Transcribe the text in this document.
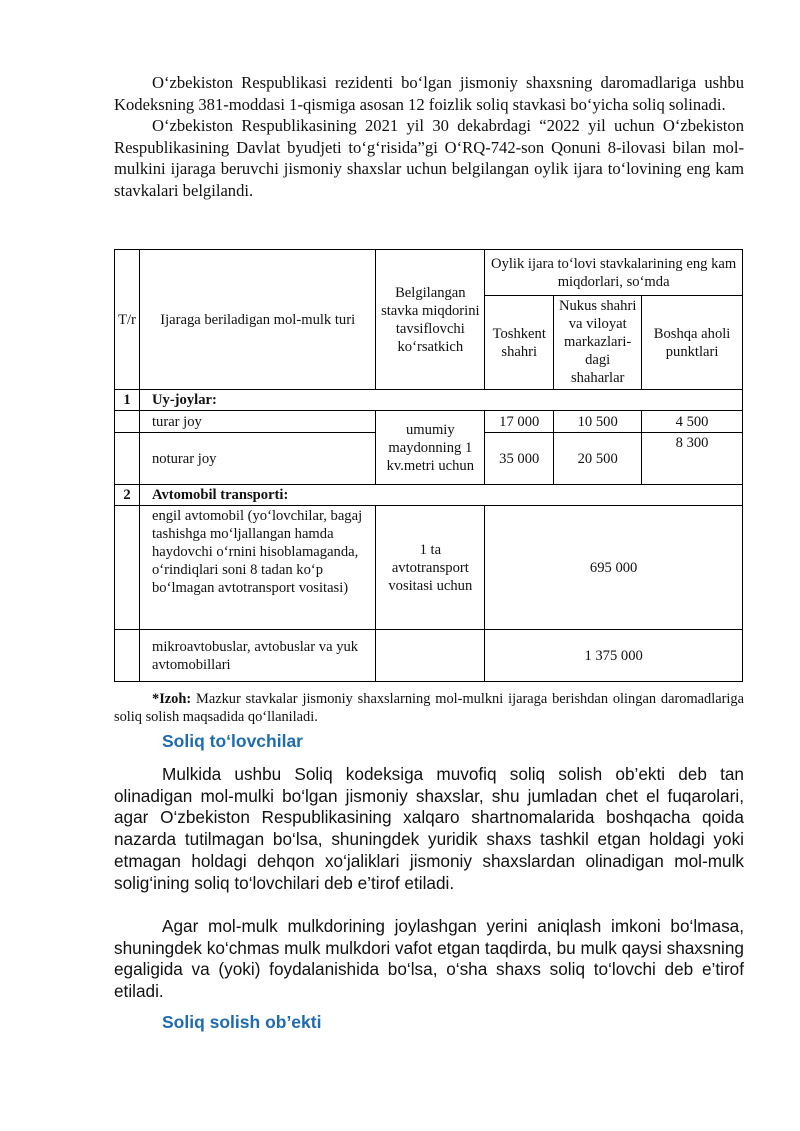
O‘zbekiston Respublikasi rezidenti bo‘lgan jismoniy shaxsning daromadlariga ushbu Kodeksning 381-moddasi 1-qismiga asosan 12 foizlik soliq stavkasi bo‘yicha soliq solinadi.

O‘zbekiston Respublikasining 2021 yil 30 dekabrdagi “2022 yil uchun O‘zbekiston Respublikasining Davlat byudjeti to‘g‘risida”gi O‘RQ-742-son Qonuni 8-ilovasi bilan mol-mulkini ijaraga beruvchi jismoniy shaxslar uchun belgilangan oylik ijara to‘lovining eng kam stavkalari belgilandi.

T/r	Ijaraga beriladigan mol-mulk turi	Belgilangan stavka miqdorini tavsiflovchi ko‘rsatkich	Oylik ijara to‘lovi stavkalarining eng kam miqdorlari, so‘mda		
			Toshkent shahri	Nukus shahri va viloyat markazlari-dagi shaharlar	Boshqa aholi punktlari
1	Uy-joylar:				
	turar joy	umumiy maydonning 1 kv.metri uchun	17 000	10 500	4 500
	noturar joy		35 000	20 500	8 300
2	Avtomobil transporti:				
	engil avtomobil (yo‘lovchilar, bagaj tashishga mo‘ljallangan hamda haydovchi o‘rnini hisoblamaganda, o‘rindiqlari soni 8 tadan ko‘p bo‘lmagan avtotransport vositasi)	1 ta avtotransport vositasi uchun	695 000		
	mikroavtobuslar, avtobuslar va yuk avtomobillari		1 375 000		

*Izoh: Mazkur stavkalar jismoniy shaxslarning mol-mulkni ijaraga berishdan olingan daromadlariga soliq solish maqsadida qo‘llaniladi.

Soliq to‘lovchilar

Mulkida ushbu Soliq kodeksiga muvofiq soliq solish ob’ekti deb tan olinadigan mol-mulki bo‘lgan jismoniy shaxslar, shu jumladan chet el fuqarolari, agar O‘zbekiston Respublikasining xalqaro shartnomalarida boshqacha qoida nazarda tutilmagan bo‘lsa, shuningdek yuridik shaxs tashkil etgan holdagi yoki etmagan holdagi dehqon xo‘jaliklari jismoniy shaxslardan olinadigan mol-mulk solig‘ining soliq to‘lovchilari deb e’tirof etiladi.

Agar mol-mulk mulkdorining joylashgan yerini aniqlash imkoni bo‘lmasa, shuningdek ko‘chmas mulk mulkdori vafot etgan taqdirda, bu mulk qaysi shaxsning egaligida va (yoki) foydalanishida bo‘lsa, o‘sha shaxs soliq to‘lovchi deb e’tirof etiladi.

Soliq solish ob’ekti
